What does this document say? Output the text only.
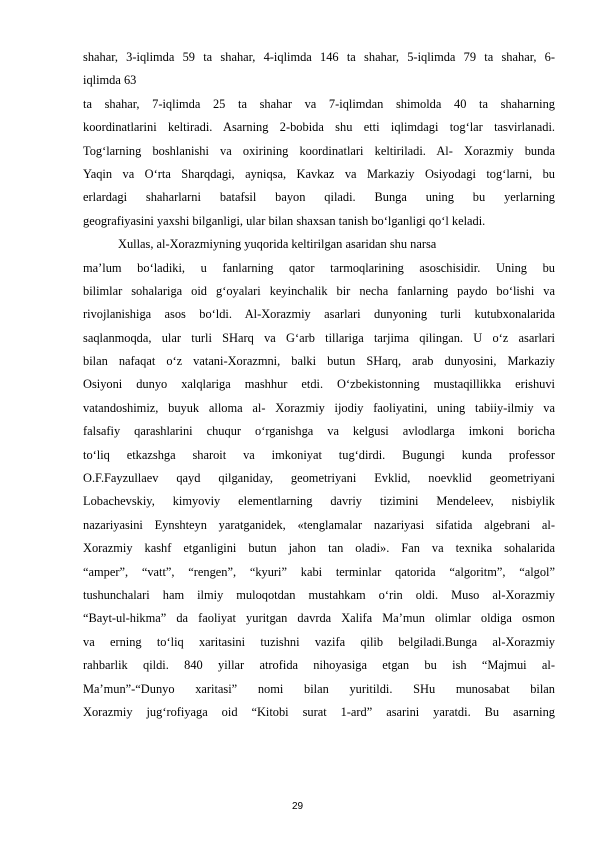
shahar, 3-iqlimda 59 ta shahar, 4-iqlimda 146 ta shahar, 5-iqlimda 79 ta shahar, 6-
iqlimda 63
ta shahar, 7-iqlimda 25 ta shahar va 7-iqlimdan shimolda 40 ta shaharning
koordinatlarini keltiradi. Asarning 2-bobida shu etti iqlimdagi tog‘lar tasvirlanadi.
Tog‘larning boshlanishi va oxirining koordinatlari keltiriladi. Al- Xorazmiy bunda
Yaqin va O‘rta Sharqdagi, ayniqsa, Kavkaz va Markaziy Osiyodagi tog‘larni, bu
erlardagi shaharlarni batafsil bayon qiladi. Bunga uning bu yerlarning
geografiyasini yaxshi bilganligi, ular bilan shaxsan tanish bo‘lganligi qo‘l keladi.
Xullas, al-Xorazmiyning yuqorida keltirilgan asaridan shu narsa
ma’lum bo‘ladiki, u fanlarning qator tarmoqlarining asoschisidir. Uning bu
bilimlar sohalariga oid g‘oyalari keyinchalik bir necha fanlarning paydo bo‘lishi va
rivojlanishiga asos bo‘ldi. Al-Xorazmiy asarlari dunyoning turli kutubxonalarida
saqlanmoqda, ular turli SHarq va G‘arb tillariga tarjima qilingan. U o‘z asarlari
bilan nafaqat o‘z vatani-Xorazmni, balki butun SHarq, arab dunyosini, Markaziy
Osiyoni dunyo xalqlariga mashhur etdi. O‘zbekistonning mustaqillikka erishuvi
vatandoshimiz, buyuk alloma al- Xorazmiy ijodiy faoliyatini, uning tabiiy-ilmiy va
falsafiy qarashlarini chuqur o‘rganishga va kelgusi avlodlarga imkoni boricha
to‘liq etkazshga sharoit va imkoniyat tug‘dirdi. Bugungi kunda professor
O.F.Fayzullaev qayd qilganiday, geometriyani Evklid, noevklid geometriyani
Lobachevskiy, kimyoviy elementlarning davriy tizimini Mendeleev, nisbiylik
nazariyasini Eynshteyn yaratganidek, «tenglamalar nazariyasi sifatida algebrani al-
Xorazmiy kashf etganligini butun jahon tan oladi». Fan va texnika sohalarida
“amper”, “vatt”, “rengen”, “kyuri” kabi terminlar qatorida “algoritm”, “algol”
tushunchalari ham ilmiy muloqotdan mustahkam o‘rin oldi. Muso al-Xorazmiy
“Bayt-ul-hikma” da faoliyat yuritgan davrda Xalifa Ma’mun olimlar oldiga osmon
va erning to‘liq xaritasini tuzishni vazifa qilib belgiladi.Bunga al-Xorazmiy
rahbarlik qildi. 840 yillar atrofida nihoyasiga etgan bu ish “Majmui al-
Ma’mun”-“Dunyo xaritasi” nomi bilan yuritildi. SHu munosabat bilan
Xorazmiy jug‘rofiyaga oid “Kitobi surat 1-ard” asarini yaratdi. Bu asarning
29
